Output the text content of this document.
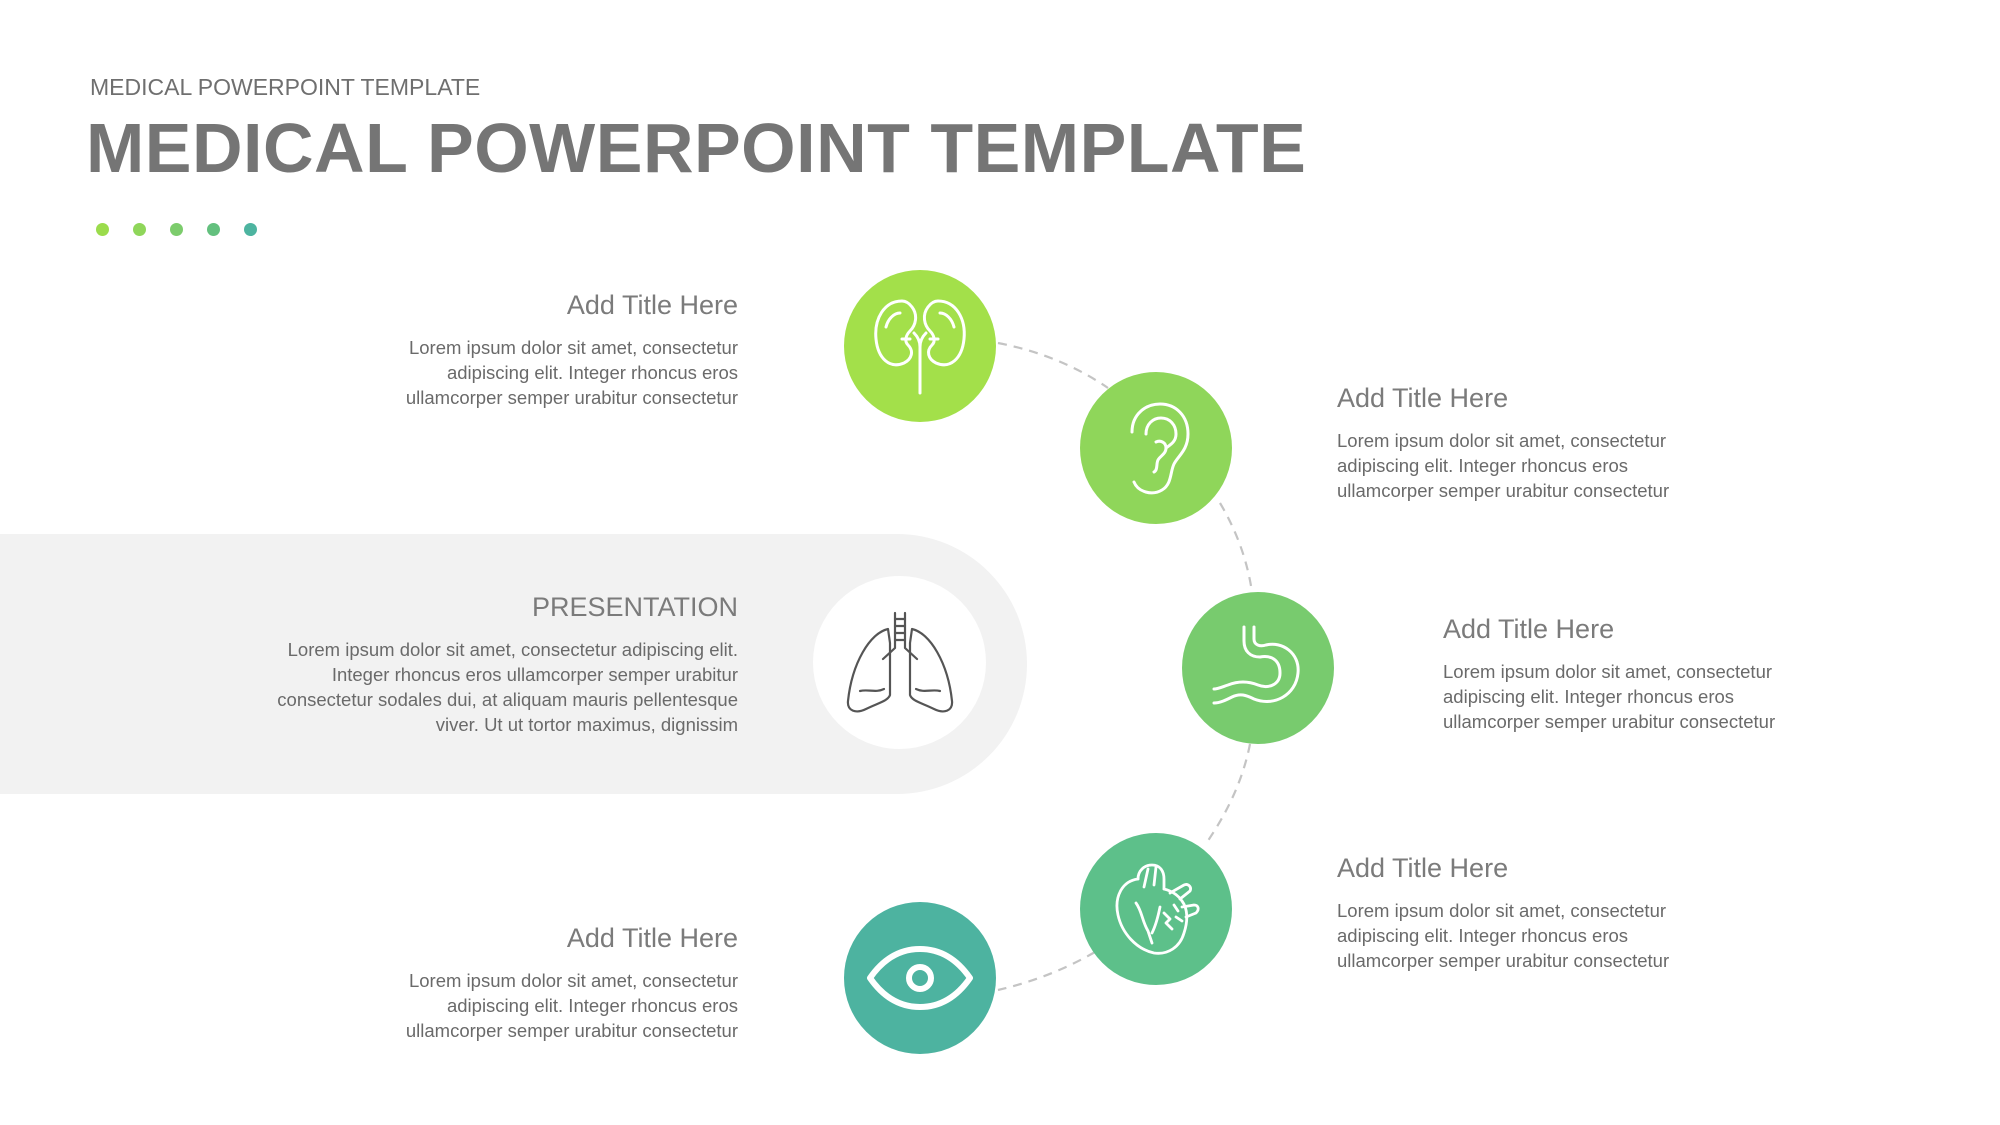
MEDICAL POWERPOINT TEMPLATE
MEDICAL POWERPOINT TEMPLATE
Add Title Here
Lorem ipsum dolor sit amet, consectetur adipiscing elit. Integer rhoncus eros ullamcorper semper urabitur consectetur	Add Title Here
Lorem ipsum dolor sit amet, consectetur adipiscing elit. Integer rhoncus eros ullamcorper semper urabitur consectetur
Add Title Here
Lorem ipsum dolor sit amet, consectetur adipiscing elit. Integer rhoncus eros ullamcorper semper urabitur consectetur
Add Title Here
Lorem ipsum dolor sit amet, consectetur adipiscing elit. Integer rhoncus eros ullamcorper semper urabitur consectetur
Add Title Here
Lorem ipsum dolor sit amet, consectetur adipiscing elit. Integer rhoncus eros ullamcorper semper urabitur consectetur
PRESENTATION
Lorem ipsum dolor sit amet, consectetur adipiscing elit. Integer rhoncus eros ullamcorper semper urabitur consectetur sodales dui, at aliquam mauris pellentesque viver. Ut ut tortor maximus, dignissim
